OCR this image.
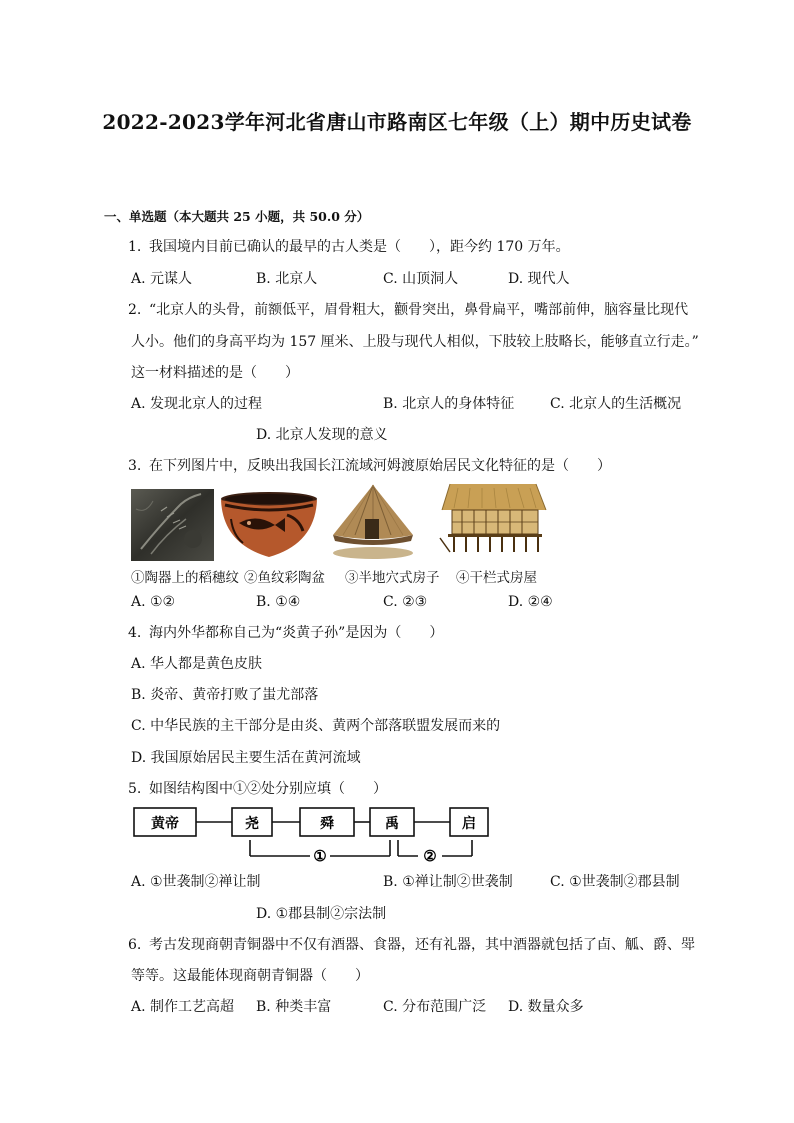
2022-2023学年河北省唐山市路南区七年级（上）期中历史试卷
一、单选题（本大题共 25 小题，共 50.0 分）
1. 我国境内目前已确认的最早的古人类是（　　），距今约 170 万年。
A. 元谋人	B. 北京人	C. 山顶洞人	D. 现代人
2. “北京人的头骨，前额低平，眉骨粗大，颧骨突出，鼻骨扁平，嘴部前伸，脑容量比现代
人小。他们的身高平均为 157 厘米、上股与现代人相似，下肢较上肢略长，能够直立行走。”
这一材料描述的是（　　）
A. 发现北京人的过程	B. 北京人的身体特征	C. 北京人的生活概况
D. 北京人发现的意义
3. 在下列图片中，反映出我国长江流域河姆渡原始居民文化特征的是（　　）
①陶器上的稻穗纹 ②鱼纹彩陶盆 ③半地穴式房子 ④干栏式房屋
A. ①②	B. ①④	C. ②③	D. ②④
4. 海内外华都称自己为“炎黄子孙”是因为（　　）
A. 华人都是黄色皮肤
B. 炎帝、黄帝打败了蚩尤部落
C. 中华民族的主干部分是由炎、黄两个部落联盟发展而来的
D. 我国原始居民主要生活在黄河流域
5. 如图结构图中①②处分别应填（　　）
黄帝	尧	舜	禹	启
①	②
A. ①世袭制②禅让制	B. ①禅让制②世袭制	C. ①世袭制②郡县制
D. ①郡县制②宗法制
6. 考古发现商朝青铜器中不仅有酒器、食器，还有礼器，其中酒器就包括了卣、觚、爵、斝
等等。这最能体现商朝青铜器（　　）
A. 制作工艺高超 B. 种类丰富	C. 分布范围广泛 D. 数量众多
